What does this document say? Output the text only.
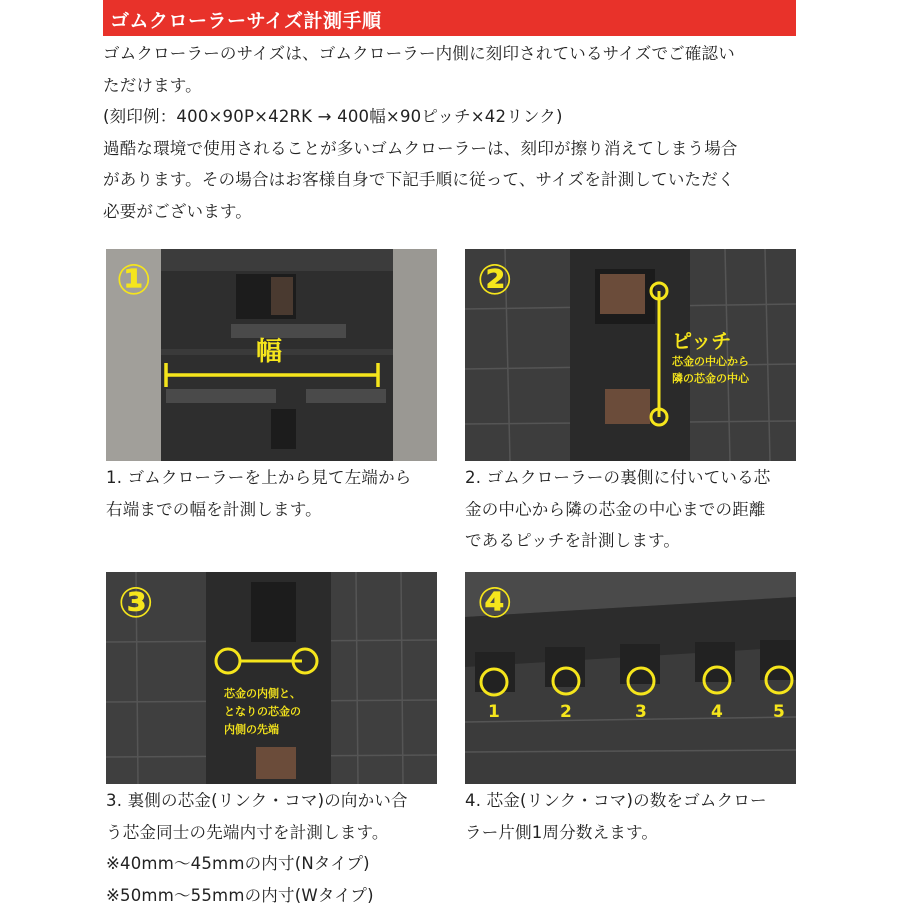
ゴムクローラーサイズ計測手順

ゴムクローラーのサイズは、ゴムクローラー内側に刻印されているサイズでご確認い

ただけます。

(刻印例：400×90P×42RK → 400幅×90ピッチ×42リンク)

過酷な環境で使用されることが多いゴムクローラーは、刻印が擦り消えてしまう場合

があります。その場合はお客様自身で下記手順に従って、サイズを計測していただく

必要がございます。

①
幅
②
ピッチ
芯金の中心から
隣の芯金の中心

1. ゴムクローラーを上から見て左端から

右端までの幅を計測します。

2. ゴムクローラーの裏側に付いている芯

金の中心から隣の芯金の中心までの距離

であるピッチを計測します。

③
芯金の内側と、
となりの芯金の
内側の先端
④
1	2	3	4	5

3. 裏側の芯金(リンク・コマ)の向かい合

う芯金同士の先端内寸を計測します。

※40mm〜45mmの内寸(Nタイプ)

※50mm〜55mmの内寸(Wタイプ)

4. 芯金(リンク・コマ)の数をゴムクロー

ラー片側1周分数えます。
